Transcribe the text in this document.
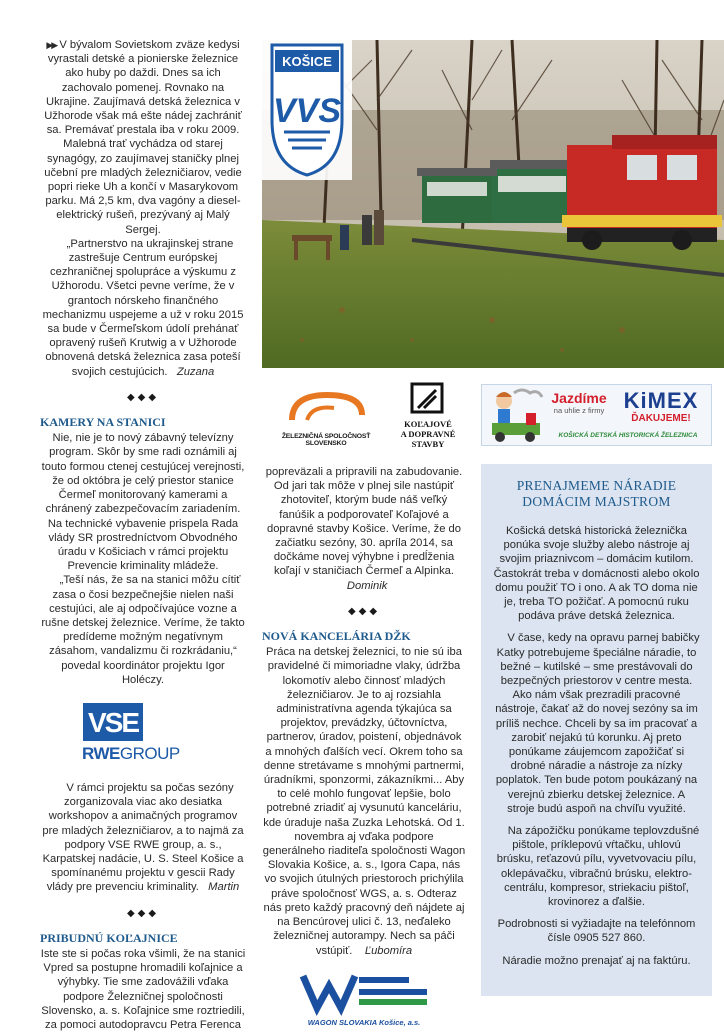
▶▶ V bývalom Sovietskom zväze kedysi vyrastali detské a pionierske železnice ako huby po daždi. Dnes sa ich zachovalo pomenej. Rovnako na Ukrajine. Zaujímavá detská železnica v Užhorode však má ešte nádej zachrániť sa. Premávať prestala iba v roku 2009. Malebná trať vychádza od starej synagógy, zo zaujímavej staničky plnej učební pre mladých železničiarov, vedie popri rieke Uh a končí v Masarykovom parku. Má 2,5 km, dva vagóny a diesel-elektrický rušeň, prezývaný aj Malý Sergej.

„Partnerstvo na ukrajinskej strane zastrešuje Centrum európskej cezhraničnej spolupráce a výskumu z Užhorodu. Všetci pevne veríme, že v grantoch nórskeho finančného mechanizmu uspejeme a už v roku 2015 sa bude v Čermeľskom údolí prehánať opravený rušeň Krutwig a v Užhorode obnovená detská železnica zasa poteší svojich cestujúcich. Zuzana

◆◆◆
KAMERY NA STANICI

Nie, nie je to nový zábavný televízny program. Skôr by sme radi oznámili aj touto formou ctenej cestujúcej verejnosti, že od októbra je celý priestor stanice Čermeľ monitorovaný kamerami a chránený zabezpečovacím zariadením. Na technické vybavenie prispela Rada vlády SR prostredníctvom Obvodného úradu v Košiciach v rámci projektu Prevencie kriminality mládeže.

„Teší nás, že sa na stanici môžu cítiť zasa o čosi bezpečnejšie nielen naši cestujúci, ale aj odpočívajúce vozne a rušne detskej železnice. Veríme, že takto predídeme možným negatívnym zásahom, vandalizmu či rozkrádaniu,“ povedal koordinátor projektu Igor Holéczy.

VSE
RWEGROUP

V rámci projektu sa počas sezóny zorganizovala viac ako desiatka workshopov a animačných programov pre mladých železničiarov, a to najmä za podpory VSE RWE group, a. s., Karpatskej nadácie, U. S. Steel Košice a spomínanému projektu v gescii Rady vlády pre prevenciu kriminality. Martin

◆◆◆
PRIBUDNÚ KOĽAJNICE

Iste ste si počas roka všimli, že na stanici Vpred sa postupne hromadili koľajnice a výhybky. Tie sme zadovážili vďaka podpore Železničnej spoločnosti Slovensko, a. s. Koľajnice sme roztriedili, za pomoci autodopravcu Petra Ferenca

KOŠICE
VVS
ŽELEZNIČNÁ SPOLOČNOSŤ SLOVENSKO
KOĽAJOVÉ
A DOPRAVNÉ
STAVBY
Jazdíme
na uhlie z firmy KiMEX
ĎAKUJEME!
KOŠICKÁ DETSKÁ HISTORICKÁ ŽELEZNICA

popreväzali a pripravili na zabudovanie. Od jari tak môže v plnej sile nastúpiť zhotoviteľ, ktorým bude náš veľký fanúšik a podporovateľ Koľajové a dopravné stavby Košice. Veríme, že do začiatku sezóny, 30. apríla 2014, sa dočkáme novej výhybne i predĺženia koľají v staničiach Čermeľ a Alpinka.   Dominik

◆◆◆
NOVÁ KANCELÁRIA DŽK

Práca na detskej železnici, to nie sú iba pravidelné či mimoriadne vlaky, údržba lokomotív alebo činnosť mladých železničiarov. Je to aj rozsiahla administratívna agenda týkajúca sa projektov, prevádzky, účtovníctva, partnerov, úradov, poistení, objednávok a mnohých ďalších vecí. Okrem toho sa denne stretávame s mnohými partnermi, úradníkmi, sponzormi, zákazníkmi... Aby to celé mohlo fungovať lepšie, bolo potrebné zriadiť aj vysunutú kanceláriu, kde úraduje naša Zuzka Lehotská. Od 1. novembra aj vďaka podpore generálneho riaditeľa spoločnosti Wagon Slovakia Košice, a. s., Igora Capa, nás vo svojich útulných priestoroch prichýlila práve spoločnosť WGS, a. s. Odteraz nás preto každý pracovný deň nájdete aj na Bencúrovej ulici č. 13, neďaleko železničnej autorampy. Nech sa páči vstúpiť. Ľubomíra

WAGON SLOVAKIA Košice, a.s.
PRENAJMEME NÁRADIE DOMÁCIM MAJSTROM

Košická detská historická železnička ponúka svoje služby alebo nástroje aj svojim priaznivcom – domácim kutilom. Častokrát treba v domácnosti alebo okolo domu použiť TO i ono. A ak TO doma nie je, treba TO požičať. A pomocnú ruku podáva práve detská železnica.

V čase, kedy na opravu parnej babičky Katky potrebujeme špeciálne náradie, to bežné – kutilské – sme prestávovali do bezpečných priestorov v centre mesta. Ako nám však prezradili pracovné nástroje, čakať až do novej sezóny sa im príliš nechce. Chceli by sa im pracovať a zarobiť nejakú tú korunku. Aj preto ponúkame záujemcom zapožičať si drobné náradie a nástroje za nízky poplatok. Ten bude potom poukázaný na verejnú zbierku detskej železnice. A stroje budú aspoň na chvíľu využité.

Na zápožičku ponúkame teplovzdušné pištole, príklepovú vŕtačku, uhlovú brúsku, reťazovú pílu, vyvetvovaciu pílu, oklepávačku, vibračnú brúsku, elektro-centrálu, kompresor, striekaciu pištoľ, krovinorez a ďalšie.

Podrobnosti si vyžiadajte na telefónnom čísle 0905 527 860.

Náradie možno prenajať aj na faktúru.
